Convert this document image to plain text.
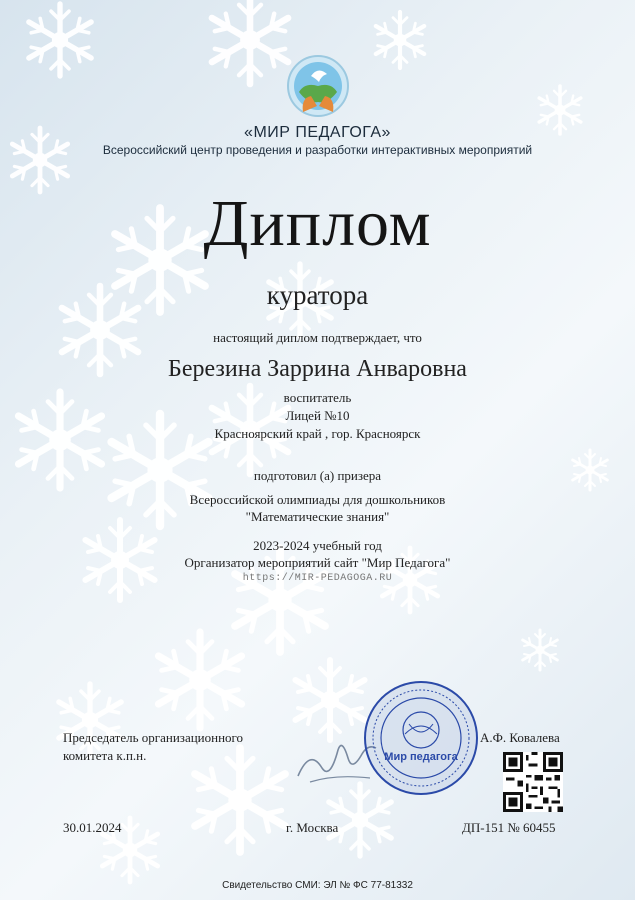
«МИР ПЕДАГОГА»
Всероссийский центр проведения и разработки интерактивных мероприятий
Диплом
куратора
настоящий диплом подтверждает, что
Березина Заррина Анваровна
воспитатель
Лицей №10
Красноярский край , гор. Красноярск
подготовил (а) призера
Всероссийской олимпиады для дошкольников
"Математические знания"
2023-2024 учебный год
Организатор мероприятий сайт "Мир Педагога"
https://MIR-PEDAGOGA.RU
Председатель организационного
комитета к.п.н.	Мир педагога
А.Ф. Ковалева
30.01.2024	г. Москва	ДП-151 № 60455
Свидетельство СМИ: ЭЛ № ФС 77-81332
